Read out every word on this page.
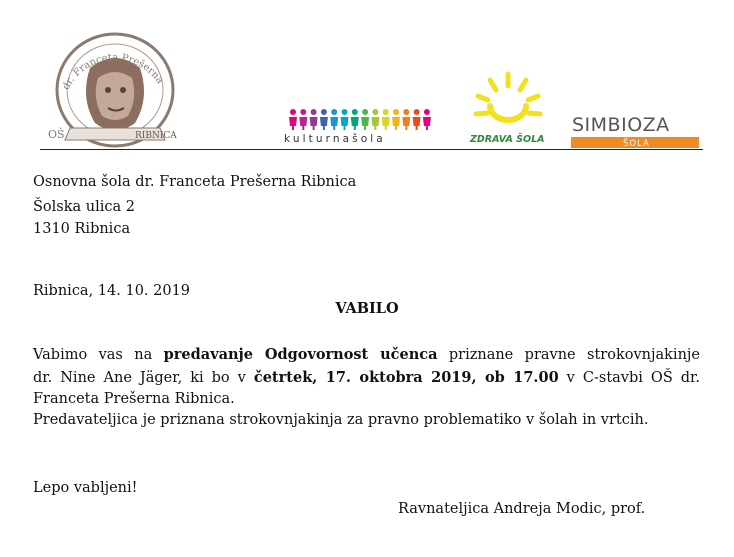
OŠ	RIBNICA
dr. Franceta Prešerna
kulturnašola	ZDRAVA ŠOLA
SIMBIOZA
ŠOLA
Osnovna šola dr. Franceta Prešerna Ribnica
Šolska ulica 2
1310 Ribnica
Ribnica, 14. 10. 2019
VABILO
Vabimo vas na predavanje Odgovornost učenca priznane pravne strokovnjakinje
dr. Nine Ane Jäger, ki bo v četrtek, 17. oktobra 2019, ob 17.00 v C-stavbi OŠ dr.
Franceta Prešerna Ribnica.
Predavateljica je priznana strokovnjakinja za pravno problematiko v šolah in vrtcih.
Lepo vabljeni!
Ravnateljica Andreja Modic, prof.
